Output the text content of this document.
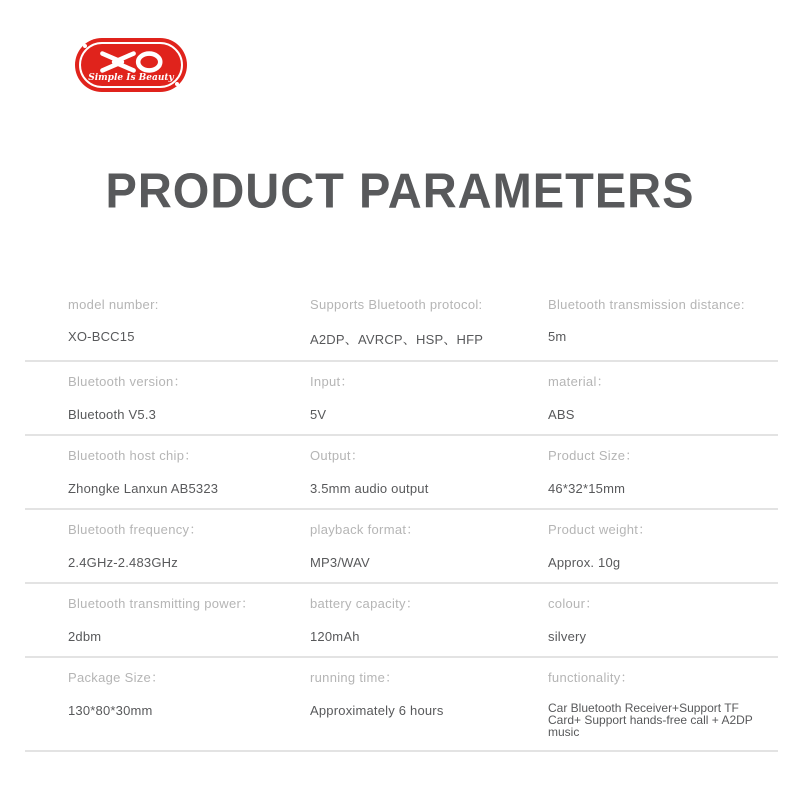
Simple Is Beauty
PRODUCT PARAMETERS
model number:
XO-BCC15
Supports Bluetooth protocol:
A2DP、AVRCP、HSP、HFP
Bluetooth transmission distance:
5m
Bluetooth version：
Bluetooth V5.3
Input：
5V
material：
ABS
Bluetooth host chip：
Zhongke Lanxun AB5323
Output：
3.5mm audio output
Product Size：
46*32*15mm
Bluetooth frequency：
2.4GHz-2.483GHz
playback format：
MP3/WAV
Product weight：
Approx. 10g
Bluetooth transmitting power：
2dbm
battery capacity：
120mAh
colour：
silvery
Package Size：
130*80*30mm
running time：
Approximately 6 hours
functionality：
Car Bluetooth Receiver+Support TF Card+ Support hands-free call + A2DP music
